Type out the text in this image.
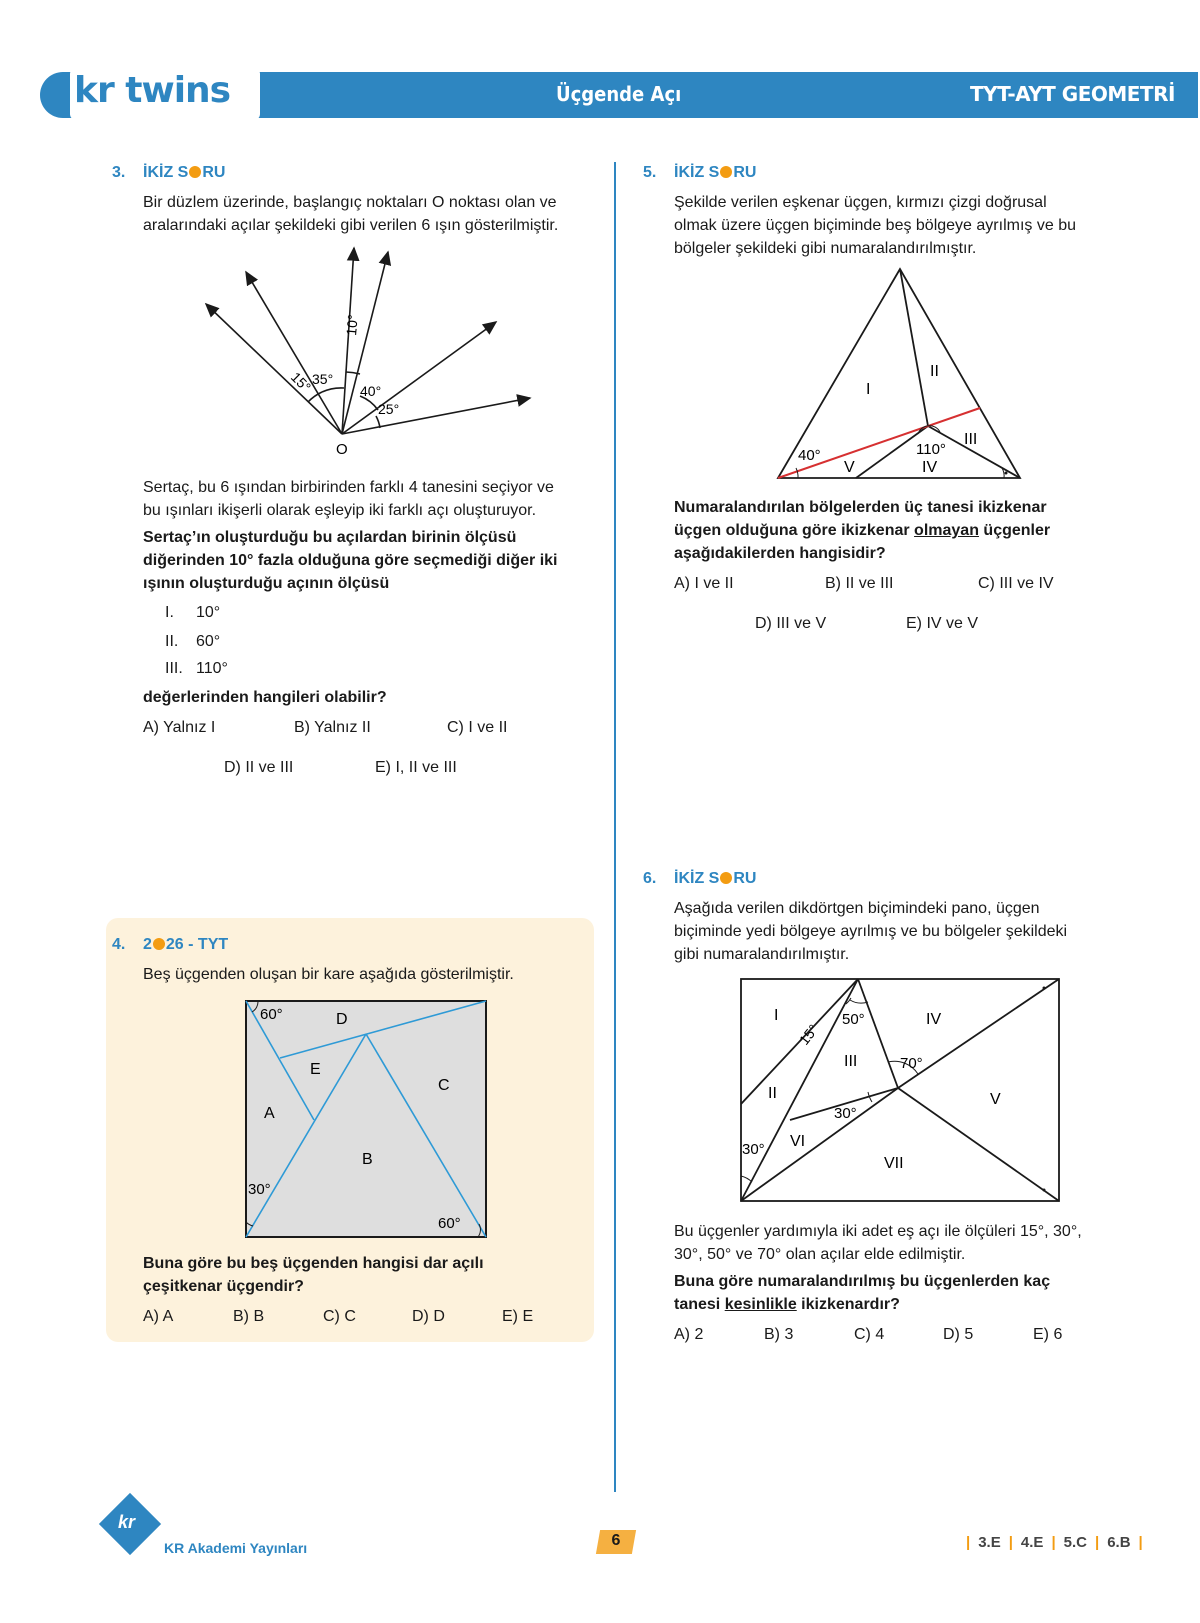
kr twins	Üçgende Açı	TYT-AYT GEOMETRİ
3. İKİZ S RU
Bir düzlem üzerinde, başlangıç noktaları O noktası olan ve
aralarındaki açılar şekildeki gibi verilen 6 ışın gösterilmiştir.
15°
35°
10°
40°
25°
O
Sertaç, bu 6 ışından birbirinden farklı 4 tanesini seçiyor ve
bu ışınları ikişerli olarak eşleyip iki farklı açı oluşturuyor.
Sertaç’ın oluşturduğu bu açılardan birinin ölçüsü
diğerinden 10° fazla olduğuna göre seçmediği diğer iki
ışının oluşturduğu açının ölçüsü
I. 10°
II. 60°
III. 110°
değerlerinden hangileri olabilir?
A) Yalnız I	B) Yalnız II	C) I ve II
D) II ve III	E) I, II ve III
4. 2 26 - TYT
Beş üçgenden oluşan bir kare aşağıda gösterilmiştir.
60°
30°
60°
A
B
C
D
E
Buna göre bu beş üçgenden hangisi dar açılı
çeşitkenar üçgendir?
A) A	B) B	C) C	D) D	E) E
5. İKİZ S RU
Şekilde verilen eşkenar üçgen, kırmızı çizgi doğrusal
olmak üzere üçgen biçiminde beş bölgeye ayrılmış ve bu
bölgeler şekildeki gibi numaralandırılmıştır.
I
II
III
IV
V
40°	110°
Numaralandırılan bölgelerden üç tanesi ikizkenar
üçgen olduğuna göre ikizkenar olmayan üçgenler
aşağıdakilerden hangisidir?
A) I ve II	B) II ve III	C) III ve IV
D) III ve V	E) IV ve V
6. İKİZ S RU
Aşağıda verilen dikdörtgen biçimindeki pano, üçgen
biçiminde yedi bölgeye ayrılmış ve bu bölgeler şekildeki
gibi numaralandırılmıştır.
I
II
III
IV
V
VI
VII
15°
50°
70°
30°
30°
Bu üçgenler yardımıyla iki adet eş açı ile ölçüleri 15°, 30°,
30°, 50° ve 70° olan açılar elde edilmiştir.
Buna göre numaralandırılmış bu üçgenlerden kaç
tanesi kesinlikle ikizkenardır?
A) 2	B) 3	C) 4	D) 5	E) 6
kr
KR Akademi Yayınları	6	| 3.E | 4.E | 5.C | 6.B |
